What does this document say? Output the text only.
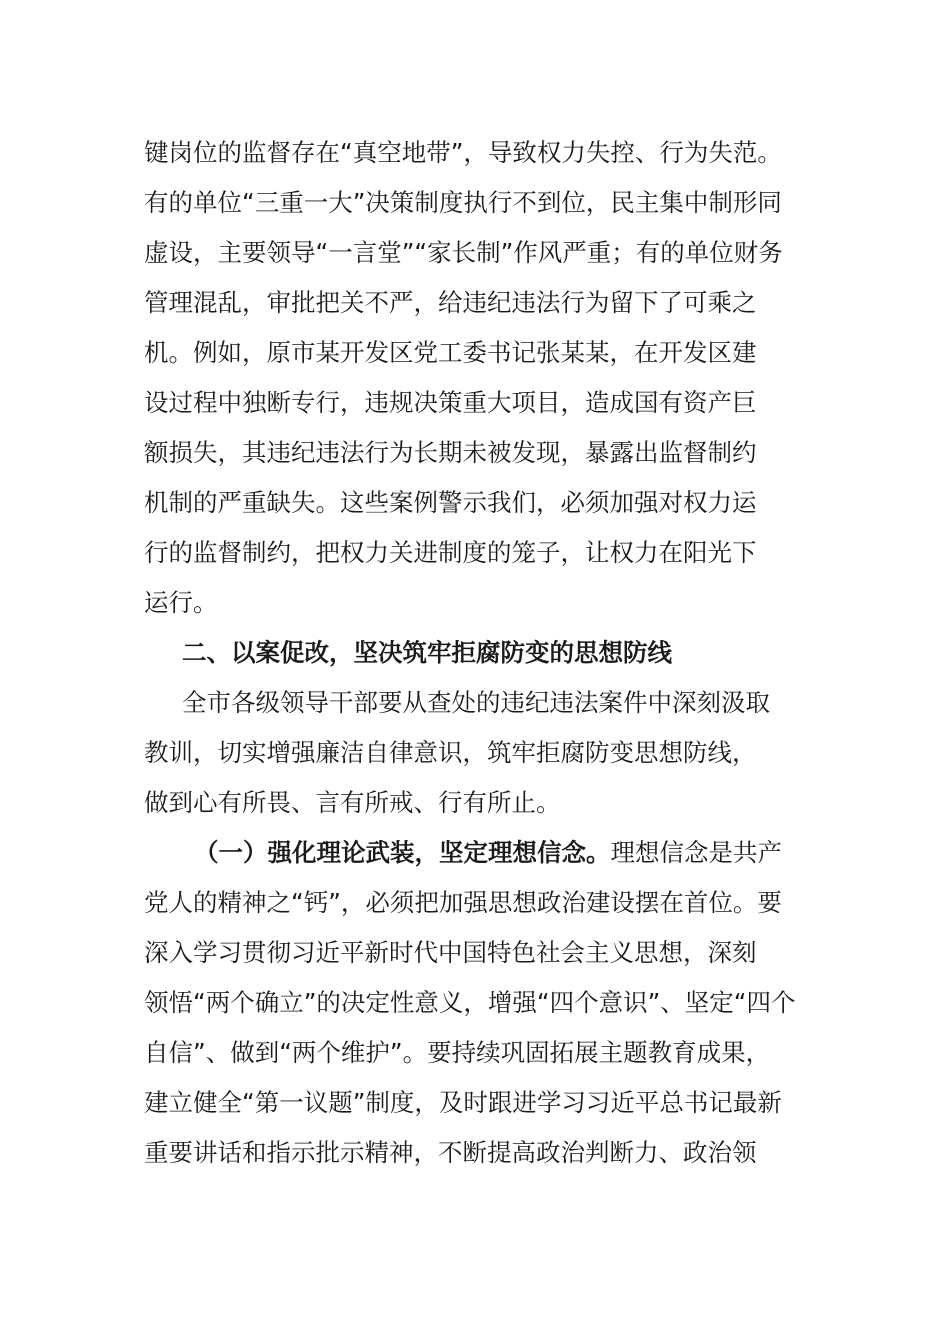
键岗位的监督存在“真空地带”，导致权力失控、行为失范。
有的单位“三重一大”决策制度执行不到位，民主集中制形同
虚设，主要领导“一言堂”“家长制”作风严重；有的单位财务
管理混乱，审批把关不严，给违纪违法行为留下了可乘之
机。例如，原市某开发区党工委书记张某某，在开发区建
设过程中独断专行，违规决策重大项目，造成国有资产巨
额损失，其违纪违法行为长期未被发现，暴露出监督制约
机制的严重缺失。这些案例警示我们，必须加强对权力运
行的监督制约，把权力关进制度的笼子，让权力在阳光下
运行。
二、以案促改，坚决筑牢拒腐防变的思想防线
全市各级领导干部要从查处的违纪违法案件中深刻汲取
教训，切实增强廉洁自律意识，筑牢拒腐防变思想防线，
做到心有所畏、言有所戒、行有所止。
（一）强化理论武装，坚定理想信念。理想信念是共产
党人的精神之“钙”，必须把加强思想政治建设摆在首位。要
深入学习贯彻习近平新时代中国特色社会主义思想，深刻
领悟“两个确立”的决定性意义，增强“四个意识”、坚定“四个
自信”、做到“两个维护”。要持续巩固拓展主题教育成果，
建立健全“第一议题”制度，及时跟进学习习近平总书记最新
重要讲话和指示批示精神，不断提高政治判断力、政治领
